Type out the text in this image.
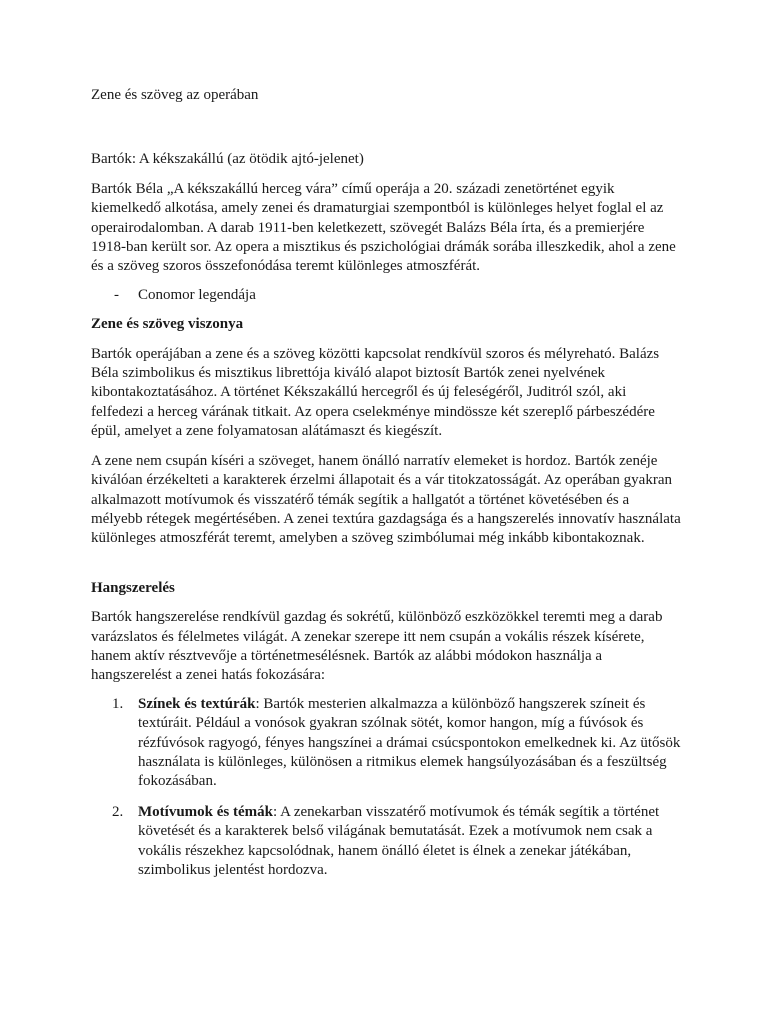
Zene és szöveg az operában

Bartók: A kékszakállú (az ötödik ajtó-jelenet)

Bartók Béla „A kékszakállú herceg vára” című operája a 20. századi zenetörténet egyik kiemelkedő alkotása, amely zenei és dramaturgiai szempontból is különleges helyet foglal el az operairodalomban. A darab 1911-ben keletkezett, szövegét Balázs Béla írta, és a premierjére 1918-ban került sor. Az opera a misztikus és pszichológiai drámák sorába illeszkedik, ahol a zene és a szöveg szoros összefonódása teremt különleges atmoszférát.

- Conomor legendája

Zene és szöveg viszonya

Bartók operájában a zene és a szöveg közötti kapcsolat rendkívül szoros és mélyreható. Balázs Béla szimbolikus és misztikus librettója kiváló alapot biztosít Bartók zenei nyelvének kibontakoztatásához. A történet Kékszakállú hercegről és új feleségéről, Juditról szól, aki felfedezi a herceg várának titkait. Az opera cselekménye mindössze két szereplő párbeszédére épül, amelyet a zene folyamatosan alátámaszt és kiegészít.

A zene nem csupán kíséri a szöveget, hanem önálló narratív elemeket is hordoz. Bartók zenéje kiválóan érzékelteti a karakterek érzelmi állapotait és a vár titokzatosságát. Az operában gyakran alkalmazott motívumok és visszatérő témák segítik a hallgatót a történet követésében és a mélyebb rétegek megértésében. A zenei textúra gazdagsága és a hangszerelés innovatív használata különleges atmoszférát teremt, amelyben a szöveg szimbólumai még inkább kibontakoznak.

Hangszerelés

Bartók hangszerelése rendkívül gazdag és sokrétű, különböző eszközökkel teremti meg a darab varázslatos és félelmetes világát. A zenekar szerepe itt nem csupán a vokális részek kísérete, hanem aktív résztvevője a történetmesélésnek. Bartók az alábbi módokon használja a hangszerelést a zenei hatás fokozására:

1. Színek és textúrák: Bartók mesterien alkalmazza a különböző hangszerek színeit és textúráit. Például a vonósok gyakran szólnak sötét, komor hangon, míg a fúvósok és rézfúvósok ragyogó, fényes hangszínei a drámai csúcspontokon emelkednek ki. Az ütősök használata is különleges, különösen a ritmikus elemek hangsúlyozásában és a feszültség fokozásában.
2. Motívumok és témák: A zenekarban visszatérő motívumok és témák segítik a történet követését és a karakterek belső világának bemutatását. Ezek a motívumok nem csak a vokális részekhez kapcsolódnak, hanem önálló életet is élnek a zenekar játékában, szimbolikus jelentést hordozva.
